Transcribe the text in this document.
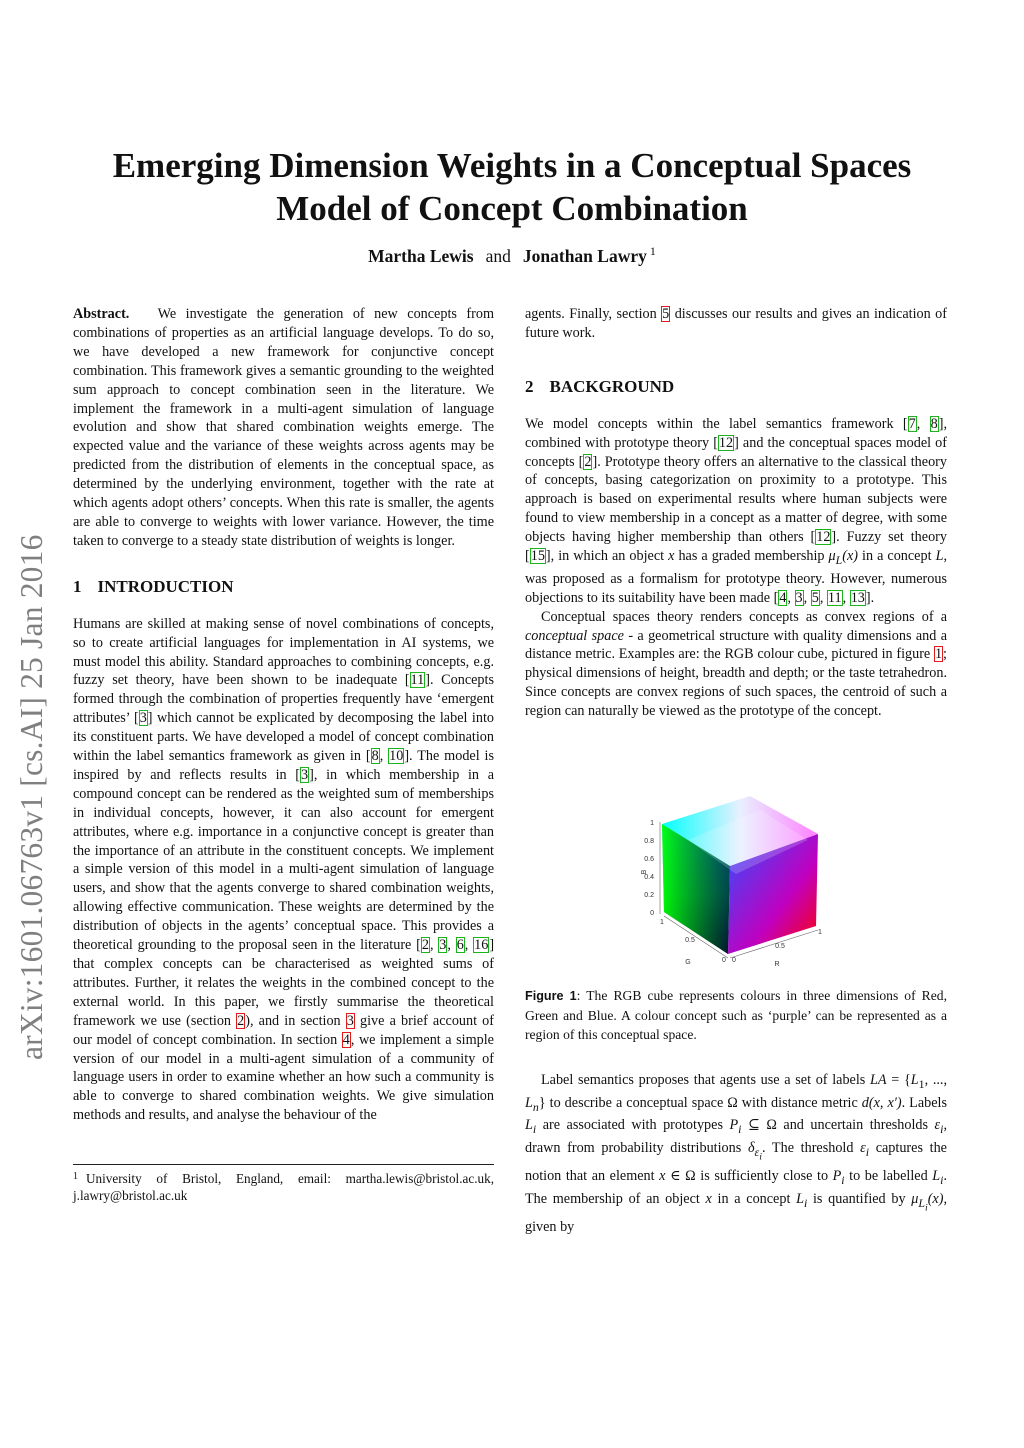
arXiv:1601.06763v1 [cs.AI] 25 Jan 2016
Emerging Dimension Weights in a Conceptual Spaces
Model of Concept Combination
Martha Lewis and Jonathan Lawry $^1$

Abstract. We investigate the generation of new concepts from combinations of properties as an artificial language develops. To do so, we have developed a new framework for conjunctive concept combination. This framework gives a semantic grounding to the weighted sum approach to concept combination seen in the literature. We implement the framework in a multi-agent simulation of language evolution and show that shared combination weights emerge. The expected value and the variance of these weights across agents may be predicted from the distribution of elements in the conceptual space, as determined by the underlying environment, together with the rate at which agents adopt others’ concepts. When this rate is smaller, the agents are able to converge to weights with lower variance. However, the time taken to converge to a steady state distribution of weights is longer.

1 INTRODUCTION

Humans are skilled at making sense of novel combinations of concepts, so to create artificial languages for implementation in AI systems, we must model this ability. Standard approaches to combining concepts, e.g. fuzzy set theory, have been shown to be inadequate [11]. Concepts formed through the combination of properties frequently have ‘emergent attributes’ [3] which cannot be explicated by decomposing the label into its constituent parts. We have developed a model of concept combination within the label semantics framework as given in [8, 10]. The model is inspired by and reflects results in [3], in which membership in a compound concept can be rendered as the weighted sum of memberships in individual concepts, however, it can also account for emergent attributes, where e.g. importance in a conjunctive concept is greater than the importance of an attribute in the constituent concepts. We implement a simple version of this model in a multi-agent simulation of language users, and show that the agents converge to shared combination weights, allowing effective communication. These weights are determined by the distribution of objects in the agents’ conceptual space. This provides a theoretical grounding to the proposal seen in the literature [2, 3, 6, 16] that complex concepts can be characterised as weighted sums of attributes. Further, it relates the weights in the combined concept to the external world. In this paper, we firstly summarise the theoretical framework we use (section 2), and in section 3 give a brief account of our model of concept combination. In section 4, we implement a simple version of our model in a multi-agent simulation of a community of language users in order to examine whether an how such a community is able to converge to shared combination weights. We give simulation methods and results, and analyse the behaviour of the

$^1$ University of Bristol, England, email: martha.lewis@bristol.ac.uk, j.lawry@bristol.ac.uk

agents. Finally, section 5 discusses our results and gives an indication of future work.

2 BACKGROUND

We model concepts within the label semantics framework [7, 8], combined with prototype theory [12] and the conceptual spaces model of concepts [2]. Prototype theory offers an alternative to the classical theory of concepts, basing categorization on proximity to a prototype. This approach is based on experimental results where human subjects were found to view membership in a concept as a matter of degree, with some objects having higher membership than others [12]. Fuzzy set theory [15], in which an object x has a graded membership $\mu_L(x)$ in a concept L, was proposed as a formalism for prototype theory. However, numerous objections to its suitability have been made [4, 3, 5, 11, 13].

Conceptual spaces theory renders concepts as convex regions of a conceptual space - a geometrical structure with quality dimensions and a distance metric. Examples are: the RGB colour cube, pictured in figure 1; physical dimensions of height, breadth and depth; or the taste tetrahedron. Since concepts are convex regions of such spaces, the centroid of such a region can naturally be viewed as the prototype of the concept.

1
0.8
0.6
0.4
0.2
0
B
1
0.5
0
G	0
0.5
1
R
Figure 1: The RGB cube represents colours in three dimensions of Red, Green and Blue. A colour concept such as ‘purple’ can be represented as a region of this conceptual space.

Label semantics proposes that agents use a set of labels LA = {$L_1$, ..., $L_n$} to describe a conceptual space Ω with distance metric d(x, x′). Labels $L_i$ are associated with prototypes $P_i$ ⊆ Ω and uncertain thresholds $\varepsilon_i$, drawn from probability distributions $\delta_{\varepsilon_i}$. The threshold $\varepsilon_i$ captures the notion that an element x ∈ Ω is sufficiently close to $P_i$ to be labelled $L_i$. The membership of an object x in a concept $L_i$ is quantified by $\mu_{L_i}(x)$, given by
